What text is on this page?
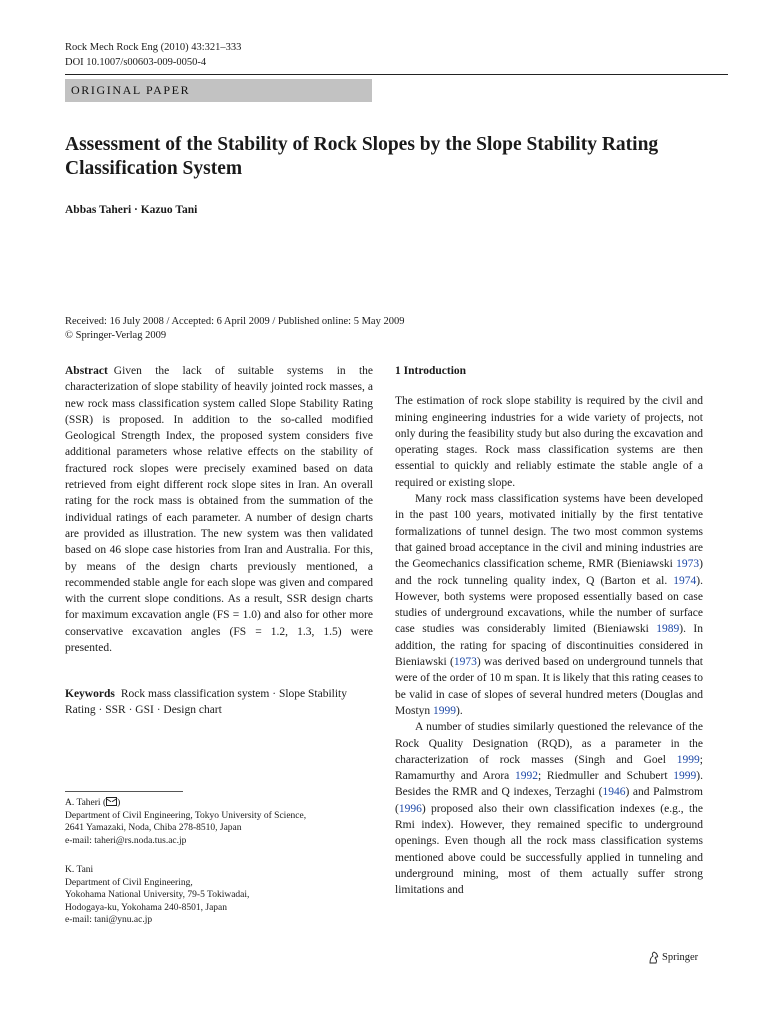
Rock Mech Rock Eng (2010) 43:321–333
DOI 10.1007/s00603-009-0050-4
ORIGINAL PAPER
Assessment of the Stability of Rock Slopes by the Slope Stability Rating Classification System
Abbas Taheri · Kazuo Tani
Received: 16 July 2008 / Accepted: 6 April 2009 / Published online: 5 May 2009
© Springer-Verlag 2009
Abstract Given the lack of suitable systems in the characterization of slope stability of heavily jointed rock masses, a new rock mass classification system called Slope Stability Rating (SSR) is proposed. In addition to the so-called modified Geological Strength Index, the proposed system considers five additional parameters whose relative effects on the stability of fractured rock slopes were precisely examined based on data retrieved from eight different rock slope sites in Iran. An overall rating for the rock mass is obtained from the summation of the individual ratings of each parameter. A number of design charts are provided as illustration. The new system was then validated based on 46 slope case histories from Iran and Australia. For this, by means of the design charts previously mentioned, a recommended stable angle for each slope was given and compared with the current slope conditions. As a result, SSR design charts for maximum excavation angle (FS = 1.0) and also for other more conservative excavation angles (FS = 1.2, 1.3, 1.5) were presented.
Keywords Rock mass classification system · Slope Stability Rating · SSR · GSI · Design chart
A. Taheri ( )
Department of Civil Engineering, Tokyo University of Science,
2641 Yamazaki, Noda, Chiba 278-8510, Japan
e-mail: taheri@rs.noda.tus.ac.jp
K. Tani
Department of Civil Engineering,
Yokohama National University, 79-5 Tokiwadai,
Hodogaya-ku, Yokohama 240-8501, Japan
e-mail: tani@ynu.ac.jp
1 Introduction

The estimation of rock slope stability is required by the civil and mining engineering industries for a wide variety of projects, not only during the feasibility study but also during the excavation and operating stages. Rock mass classification systems are then essential to quickly and reliably estimate the stable angle of a required or existing slope.

Many rock mass classification systems have been developed in the past 100 years, motivated initially by the first tentative formalizations of tunnel design. The two most common systems that gained broad acceptance in the civil and mining industries are the Geomechanics classification scheme, RMR (Bieniawski 1973) and the rock tunneling quality index, Q (Barton et al. 1974). However, both systems were proposed essentially based on case studies of underground excavations, while the number of surface case studies was considerably limited (Bieniawski 1989). In addition, the rating for spacing of discontinuities considered in Bieniawski (1973) was derived based on underground tunnels that were of the order of 10 m span. It is likely that this rating ceases to be valid in case of slopes of several hundred meters (Douglas and Mostyn 1999).

A number of studies similarly questioned the relevance of the Rock Quality Designation (RQD), as a parameter in the characterization of rock masses (Singh and Goel 1999; Ramamurthy and Arora 1992; Riedmuller and Schubert 1999). Besides the RMR and Q indexes, Terzaghi (1946) and Palmstrom (1996) proposed also their own classification indexes (e.g., the Rmi index). However, they remained specific to underground openings. Even though all the rock mass classification systems mentioned above could be successfully applied in tunneling and underground mining, most of them actually suffer strong limitations and

Springer
